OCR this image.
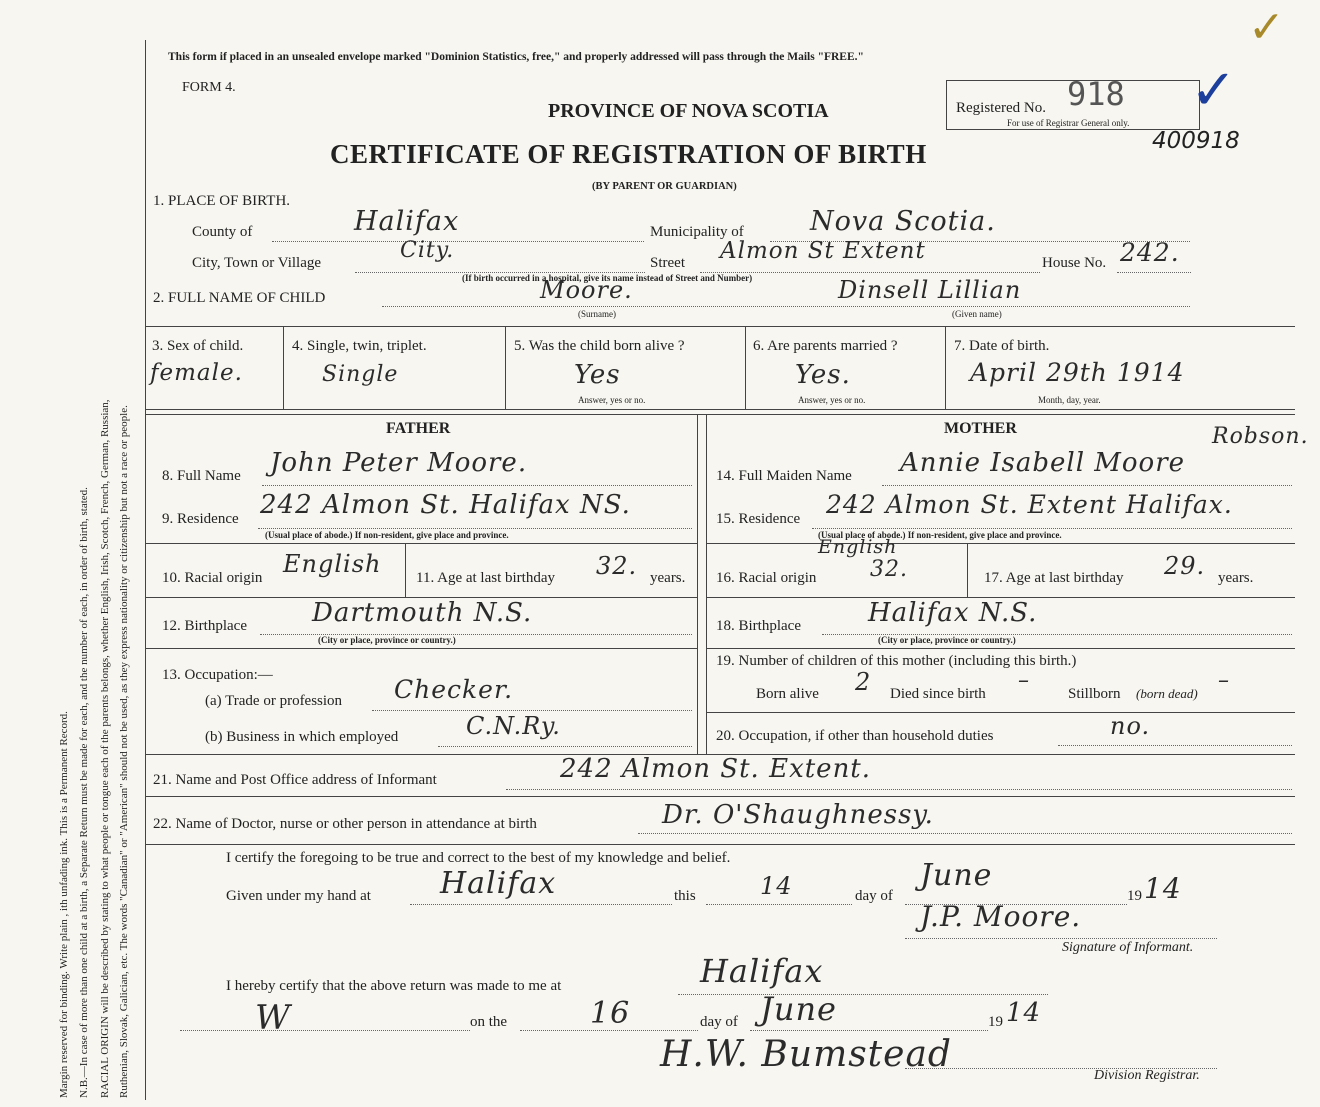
Margin reserved for binding. Write plain , ith unfading ink. This is a Permanent Record. N.B.—In case of more than one child at a birth, a Separate Return must be made for each, and the number of each, in order of birth, stated. RACIAL ORIGIN will be described by stating to what people or tongue each of the parents belongs, whether English, Irish, Scotch, French, German, Russian, Ruthenian, Slovak, Galician, etc. The words "Canadian" or "American" should not be used, as they express nationality or citizenship but not a race or people.
This form if placed in an unsealed envelope marked "Dominion Statistics, free," and properly addressed will pass through the Mails "FREE."
FORM 4.
PROVINCE OF NOVA SCOTIA
CERTIFICATE OF REGISTRATION OF BIRTH
(BY PARENT OR GUARDIAN)
Registered No. 918
For use of Registrar General only.
400918
✓
✓
1. PLACE OF BIRTH.
County of	Halifax	Municipality of Nova Scotia.
City, Town or Village	City.	Street Almon St Extent	House No. 242.
(If birth occurred in a hospital, give its name instead of Street and Number)
2. FULL NAME OF CHILD	Moore.
(Surname)
Dinsell Lillian
(Given name)
3. Sex of child.
female.
4. Single, twin, triplet.
Single
5. Was the child born alive ?
Yes
Answer, yes or no.
6. Are parents married ?
Yes.
Answer, yes or no.
7. Date of birth.
April 29th 1914
Month, day, year.
FATHER
8. Full Name John Peter Moore.
9. Residence 242 Almon St. Halifax NS.
(Usual place of abode.) If non-resident, give place and province.
10. Racial origin English 11. Age at last birthday 32. years.
12. Birthplace	Dartmouth N.S.
(City or place, province or country.)
13. Occupation:—
(a) Trade or profession Checker.
(b) Business in which employed	C.N.Ry.
MOTHER
14. Full Maiden Name Annie Isabell Moore
Robson.
15. Residence 242 Almon St. Extent Halifax.
(Usual place of abode.) If non-resident, give place and province.
16. Racial origin 32.
English
17. Age at last birthday 29. years.
18. Birthplace	Halifax N.S.
(City or place, province or country.)
19. Number of children of this mother (including this birth.)
Born alive 2 Died since birth
–
Stillborn (born dead)
–
20. Occupation, if other than household duties	no.
21. Name and Post Office address of Informant	242 Almon St. Extent.
22. Name of Doctor, nurse or other person in attendance at birth	Dr. O'Shaughnessy.
I certify the foregoing to be true and correct to the best of my knowledge and belief.
Given under my hand at Halifax	this	14	day of
June
19 14
J.P. Moore.
Signature of Informant.
I hereby certify that the above return was made to me at	Halifax
W	on the	16	day of June	19 14
H.W. Bumstead
Division Registrar.
